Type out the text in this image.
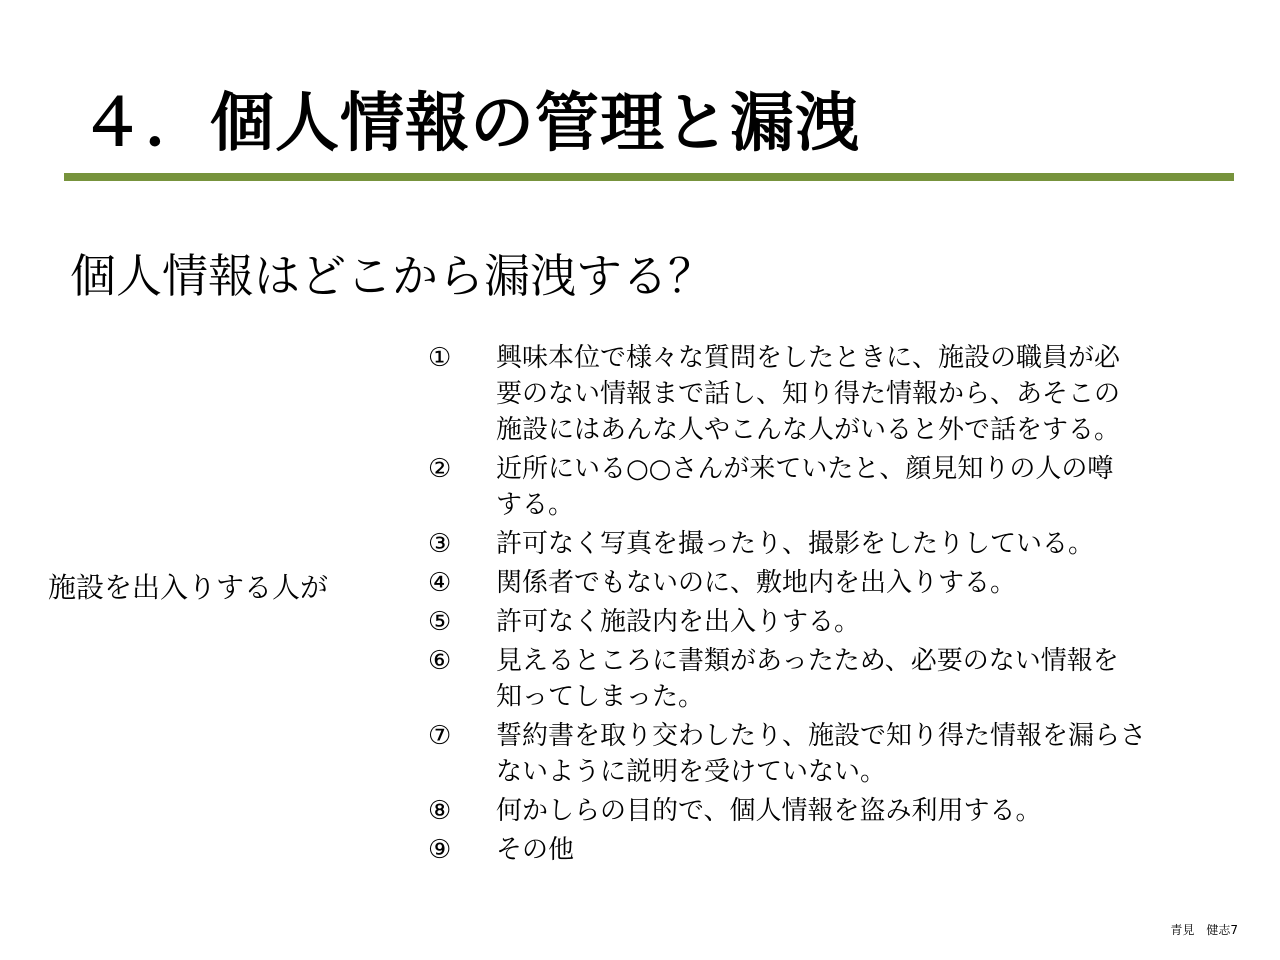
４．個人情報の管理と漏洩
個人情報はどこから漏洩する？
施設を出入りする人が
①	興味本位で様々な質問をしたときに、施設の職員が必
要のない情報まで話し、知り得た情報から、あそこの
施設にはあんな人やこんな人がいると外で話をする。
②	近所にいる○○さんが来ていたと、顔見知りの人の噂
する。
③	許可なく写真を撮ったり、撮影をしたりしている。
④	関係者でもないのに、敷地内を出入りする。
⑤	許可なく施設内を出入りする。
⑥	見えるところに書類があったため、必要のない情報を
知ってしまった。
⑦	誓約書を取り交わしたり、施設で知り得た情報を漏らさ
ないように説明を受けていない。
⑧	何かしらの目的で、個人情報を盗み利用する。
⑨	その他
青見　健志7
